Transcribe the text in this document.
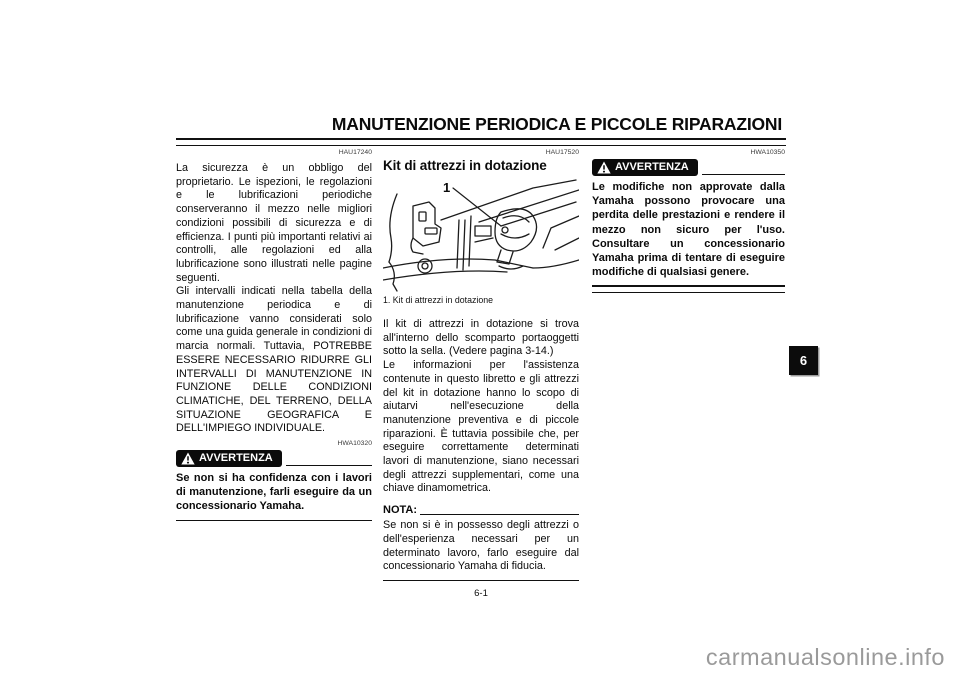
MANUTENZIONE PERIODICA E PICCOLE RIPARAZIONI
HAU17240

La sicurezza è un obbligo del proprietario. Le ispezioni, le regolazioni e le lubrificazioni periodiche conserveranno il mezzo nelle migliori condizioni possibili di sicurezza e di efficienza. I punti più importanti relativi ai controlli, alle regolazioni ed alla lubrificazione sono illustrati nelle pagine seguenti.

Gli intervalli indicati nella tabella della manutenzione periodica e di lubrificazione vanno considerati solo come una guida generale in condizioni di marcia normali. Tuttavia, POTREBBE ESSERE NECESSARIO RIDURRE GLI INTERVALLI DI MANUTENZIONE IN FUNZIONE DELLE CONDIZIONI CLIMATICHE, DEL TERRENO, DELLA SITUAZIONE GEOGRAFICA E DELL'IMPIEGO INDIVIDUALE.

HWA10320
AVVERTENZA
Se non si ha confidenza con i lavori di manutenzione, farli eseguire da un concessionario Yamaha.
HAU17520
Kit di attrezzi in dotazione
1
1. Kit di attrezzi in dotazione

Il kit di attrezzi in dotazione si trova all'interno dello scomparto portaoggetti sotto la sella. (Vedere pagina 3-14.)

Le informazioni per l'assistenza contenute in questo libretto e gli attrezzi del kit in dotazione hanno lo scopo di aiutarvi nell'esecuzione della manutenzione preventiva e di piccole riparazioni. È tuttavia possibile che, per eseguire correttamente determinati lavori di manutenzione, siano necessari degli attrezzi supplementari, come una chiave dinamometrica.

NOTA:
Se non si è in possesso degli attrezzi o dell'esperienza necessari per un determinato lavoro, farlo eseguire dal concessionario Yamaha di fiducia.
6-1
HWA10350
AVVERTENZA
Le modifiche non approvate dalla Yamaha possono provocare una perdita delle prestazioni e rendere il mezzo non sicuro per l'uso. Consultare un concessionario Yamaha prima di tentare di eseguire modifiche di qualsiasi genere.
6
carmanualsonline.info
